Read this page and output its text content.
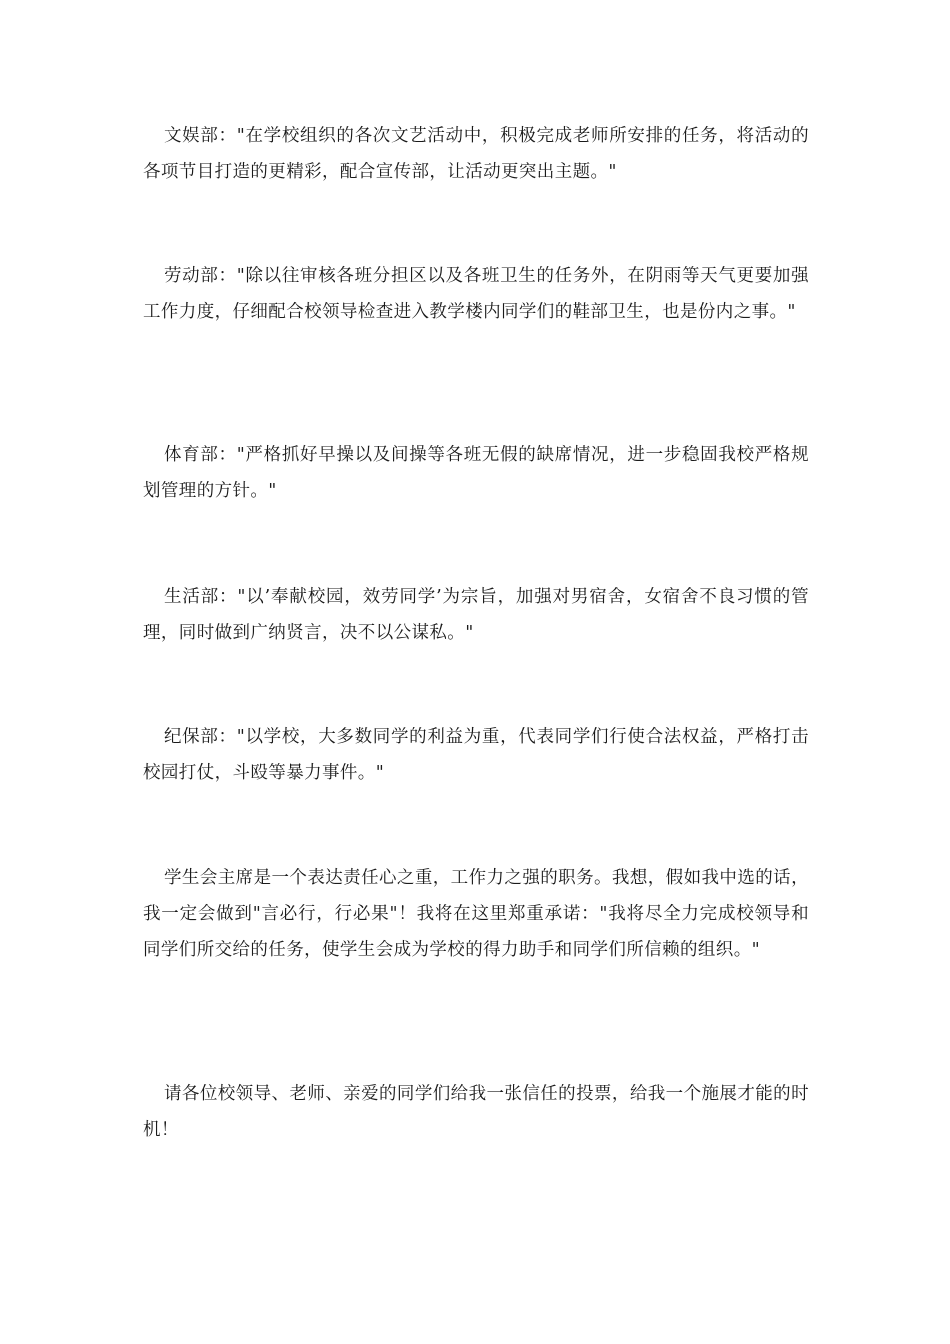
文娱部："在学校组织的各次文艺活动中，积极完成老师所安排的任务，将活动的各项节目打造的更精彩，配合宣传部，让活动更突出主题。"

劳动部："除以往审核各班分担区以及各班卫生的任务外，在阴雨等天气更要加强工作力度，仔细配合校领导检查进入教学楼内同学们的鞋部卫生，也是份内之事。"

体育部："严格抓好早操以及间操等各班无假的缺席情况，进一步稳固我校严格规划管理的方针。"

生活部："以’奉献校园，效劳同学’为宗旨，加强对男宿舍，女宿舍不良习惯的管理，同时做到广纳贤言，决不以公谋私。"

纪保部："以学校，大多数同学的利益为重，代表同学们行使合法权益，严格打击校园打仗，斗殴等暴力事件。"

学生会主席是一个表达责任心之重，工作力之强的职务。我想，假如我中选的话，我一定会做到"言必行，行必果"！我将在这里郑重承诺："我将尽全力完成校领导和同学们所交给的任务，使学生会成为学校的得力助手和同学们所信赖的组织。"

请各位校领导、老师、亲爱的同学们给我一张信任的投票，给我一个施展才能的时机！
